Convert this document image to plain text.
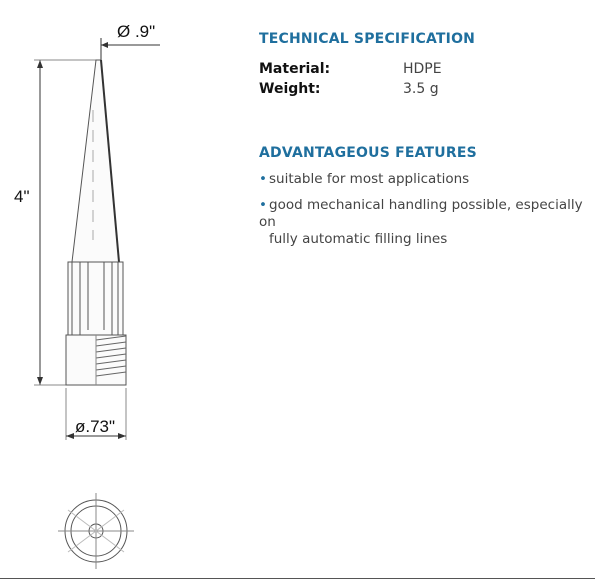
Ø .9"
4"
ø.73"
TECHNICAL SPECIFICATION
Material:	HDPE
Weight:	3.5 g
ADVANTAGEOUS FEATURES
• suitable for most applications
• good mechanical handling possible, especially on
fully automatic filling lines
